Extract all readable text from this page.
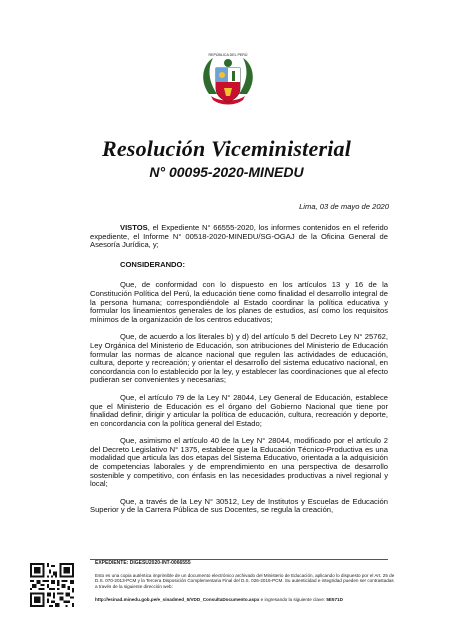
REPÚBLICA DEL PERÚ
Resolución Viceministerial
N° 00095-2020-MINEDU
Lima, 03 de mayo de 2020

VISTOS, el Expediente N° 66555-2020, los informes contenidos en el referido expediente, el Informe N° 00518-2020-MINEDU/SG-OGAJ de la Oficina General de Asesoría Jurídica, y;

CONSIDERANDO:

Que, de conformidad con lo dispuesto en los artículos 13 y 16 de la Constitución Política del Perú, la educación tiene como finalidad el desarrollo integral de la persona humana; correspondiéndole al Estado coordinar la política educativa y formular los lineamientos generales de los planes de estudios, así como los requisitos mínimos de la organización de los centros educativos;

Que, de acuerdo a los literales b) y d) del artículo 5 del Decreto Ley N° 25762, Ley Orgánica del Ministerio de Educación, son atribuciones del Ministerio de Educación formular las normas de alcance nacional que regulen las actividades de educación, cultura, deporte y recreación; y orientar el desarrollo del sistema educativo nacional, en concordancia con lo establecido por la ley, y establecer las coordinaciones que al efecto pudieran ser convenientes y necesarias;

Que, el artículo 79 de la Ley N° 28044, Ley General de Educación, establece que el Ministerio de Educación es el órgano del Gobierno Nacional que tiene por finalidad definir, dirigir y articular la política de educación, cultura, recreación y deporte, en concordancia con la política general del Estado;

Que, asimismo el artículo 40 de la Ley N° 28044, modificado por el artículo 2 del Decreto Legislativo N° 1375, establece que la Educación Técnico-Productiva es una modalidad que articula las dos etapas del Sistema Educativo, orientada a la adquisición de competencias laborales y de emprendimiento en una perspectiva de desarrollo sostenible y competitivo, con énfasis en las necesidades productivas a nivel regional y local;

Que, a través de la Ley N° 30512, Ley de Institutos y Escuelas de Educación Superior y de la Carrera Pública de sus Docentes, se regula la creación,

EXPEDIENTE: DIGESU2020-INT-0066555
Esto es una copia auténtica imprimible de un documento electrónico archivado del Ministerio de Educación, aplicando lo dispuesto por el Art. 25 de D.S. 070-2013-PCM y la Tercera Disposición Complementaria Final del D.S. 026-2016-PCM. Su autenticidad e integridad pueden ser contrastadas a través de la siguiente dirección web:
http://esinad.minedu.gob.pe/e_sinadmed_5/VDD_ConsultaDocumento.aspx e ingresando la siguiente clave: 5E571D
